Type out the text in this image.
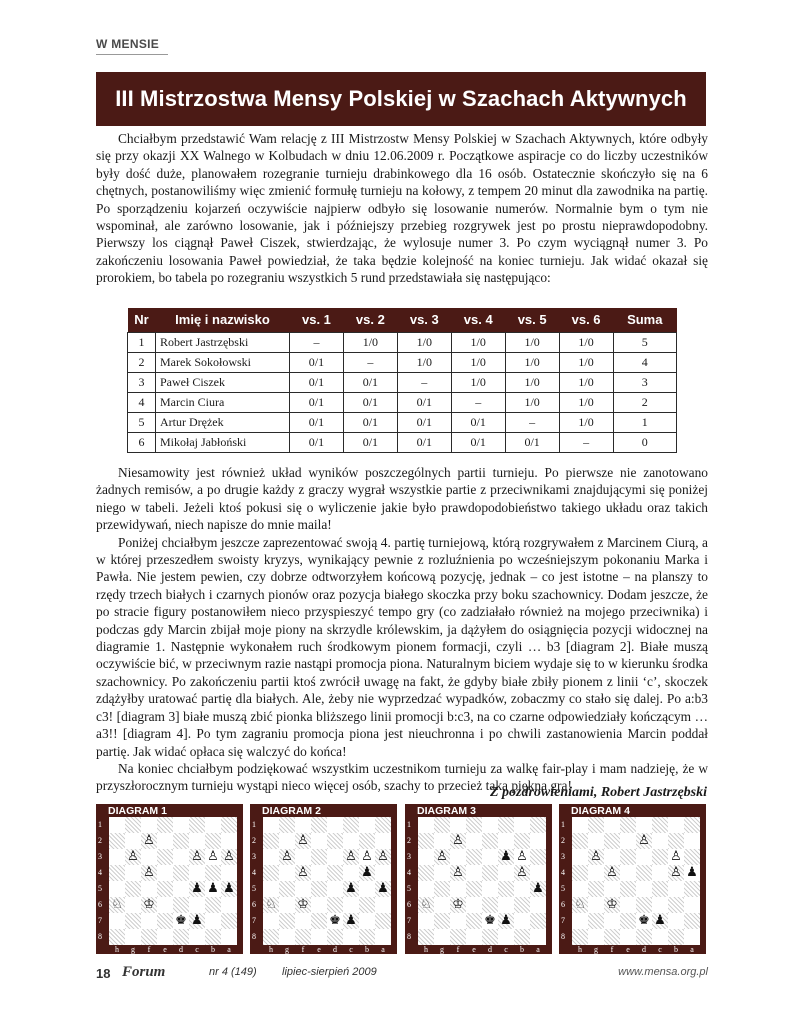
W MENSIE
III Mistrzostwa Mensy Polskiej w Szachach Aktywnych

Chciałbym przedstawić Wam relację z III Mistrzostw Mensy Polskiej w Szachach Aktywnych, które odbyły się przy okazji XX Walnego w Kolbudach w dniu 12.06.2009 r. Początkowe aspiracje co do liczby uczestników były dość duże, planowałem rozegranie turnieju drabinkowego dla 16 osób. Ostatecznie skończyło się na 6 chętnych, postanowiliśmy więc zmienić formułę turnieju na kołowy, z tempem 20 minut dla zawodnika na partię. Po sporządzeniu kojarzeń oczywiście najpierw odbyło się losowanie numerów. Normalnie bym o tym nie wspominał, ale zarówno losowanie, jak i późniejszy przebieg rozgrywek jest po prostu nieprawdopodobny. Pierwszy los ciągnął Paweł Ciszek, stwierdzając, że wylosuje numer 3. Po czym wyciągnął numer 3. Po zakończeniu losowania Paweł powiedział, że taka będzie kolejność na koniec turnieju. Jak widać okazał się prorokiem, bo tabela po rozegraniu wszystkich 5 rund przedstawiała się następująco:

Nr	Imię i nazwisko	vs. 1	vs. 2	vs. 3	vs. 4	vs. 5	vs. 6	Suma
1	Robert Jastrzębski	–	1/0	1/0	1/0	1/0	1/0	5
2	Marek Sokołowski	0/1	–	1/0	1/0	1/0	1/0	4
3	Paweł Ciszek	0/1	0/1	–	1/0	1/0	1/0	3
4	Marcin Ciura	0/1	0/1	0/1	–	1/0	1/0	2
5	Artur Drężek	0/1	0/1	0/1	0/1	–	1/0	1
6	Mikołaj Jabłoński	0/1	0/1	0/1	0/1	0/1	–	0

Niesamowity jest również układ wyników poszczególnych partii turnieju. Po pierwsze nie zanotowano żadnych remisów, a po drugie każdy z graczy wygrał wszystkie partie z przeciwnikami znajdującymi się poniżej niego w tabeli. Jeżeli ktoś pokusi się o wyliczenie jakie było prawdopodobieństwo takiego układu oraz takich przewidywań, niech napisze do mnie maila!

Poniżej chciałbym jeszcze zaprezentować swoją 4. partię turniejową, którą rozgrywałem z Marcinem Ciurą, a w której przeszedłem swoisty kryzys, wynikający pewnie z rozluźnienia po wcześniejszym pokonaniu Marka i Pawła. Nie jestem pewien, czy dobrze odtworzyłem końcową pozycję, jednak – co jest istotne – na planszy to rzędy trzech białych i czarnych pionów oraz pozycja białego skoczka przy boku szachownicy. Dodam jeszcze, że po stracie figury postanowiłem nieco przyspieszyć tempo gry (co zadziałało również na mojego przeciwnika) i podczas gdy Marcin zbijał moje piony na skrzydle królewskim, ja dążyłem do osiągnięcia pozycji widocznej na diagramie 1. Następnie wykonałem ruch środkowym pionem formacji, czyli … b3 [diagram 2]. Białe muszą oczywiście bić, w przeciwnym razie nastąpi promocja piona. Naturalnym biciem wydaje się to w kierunku środka szachownicy. Po zakończeniu partii ktoś zwrócił uwagę na fakt, że gdyby białe zbiły pionem z linii ‘c’, skoczek zdążyłby uratować partię dla białych. Ale, żeby nie wyprzedzać wypadków, zobaczmy co stało się dalej. Po a:b3 c3! [diagram 3] białe muszą zbić pionka bliższego linii promocji b:c3, na co czarne odpowiedziały kończącym … a3!! [diagram 4]. Po tym zagraniu promocja piona jest nieuchronna i po chwili zastanowienia Marcin poddał partię. Jak widać opłaca się walczyć do końca!

Na koniec chciałbym podziękować wszystkim uczestnikom turnieju za walkę fair-play i mam nadzieję, że w przyszłorocznym turnieju wystąpi nieco więcej osób, szachy to przecież taka piękna gra!

Z pozdrowieniami, Robert Jastrzębski
DIAGRAM 1
1
2
3
4
5
6
7
8
♙
♙	♙ ♙ ♙
♙
♟ ♟ ♟
♘ ♔
♚ ♟
h	g	f	e	d	c	b	a
DIAGRAM 2
1
2
3
4
5
6
7
8
♙
♙	♙ ♙ ♙
♙	♟
♟ ♟
♘ ♔
♚ ♟
h	g	f	e	d	c	b	a
DIAGRAM 3
1
2
3
4
5
6
7
8
♙
♙	♟ ♙
♙	♙
♟
♘ ♔
♚ ♟
h	g	f	e	d	c	b	a
DIAGRAM 4
1
2
3
4
5
6
7
8
♙
♙	♙
♙	♙ ♟
♘ ♔
♚ ♟
h	g	f	e	d	c	b	a
18 Forum	nr 4 (149) lipiec-sierpień 2009	www.mensa.org.pl
